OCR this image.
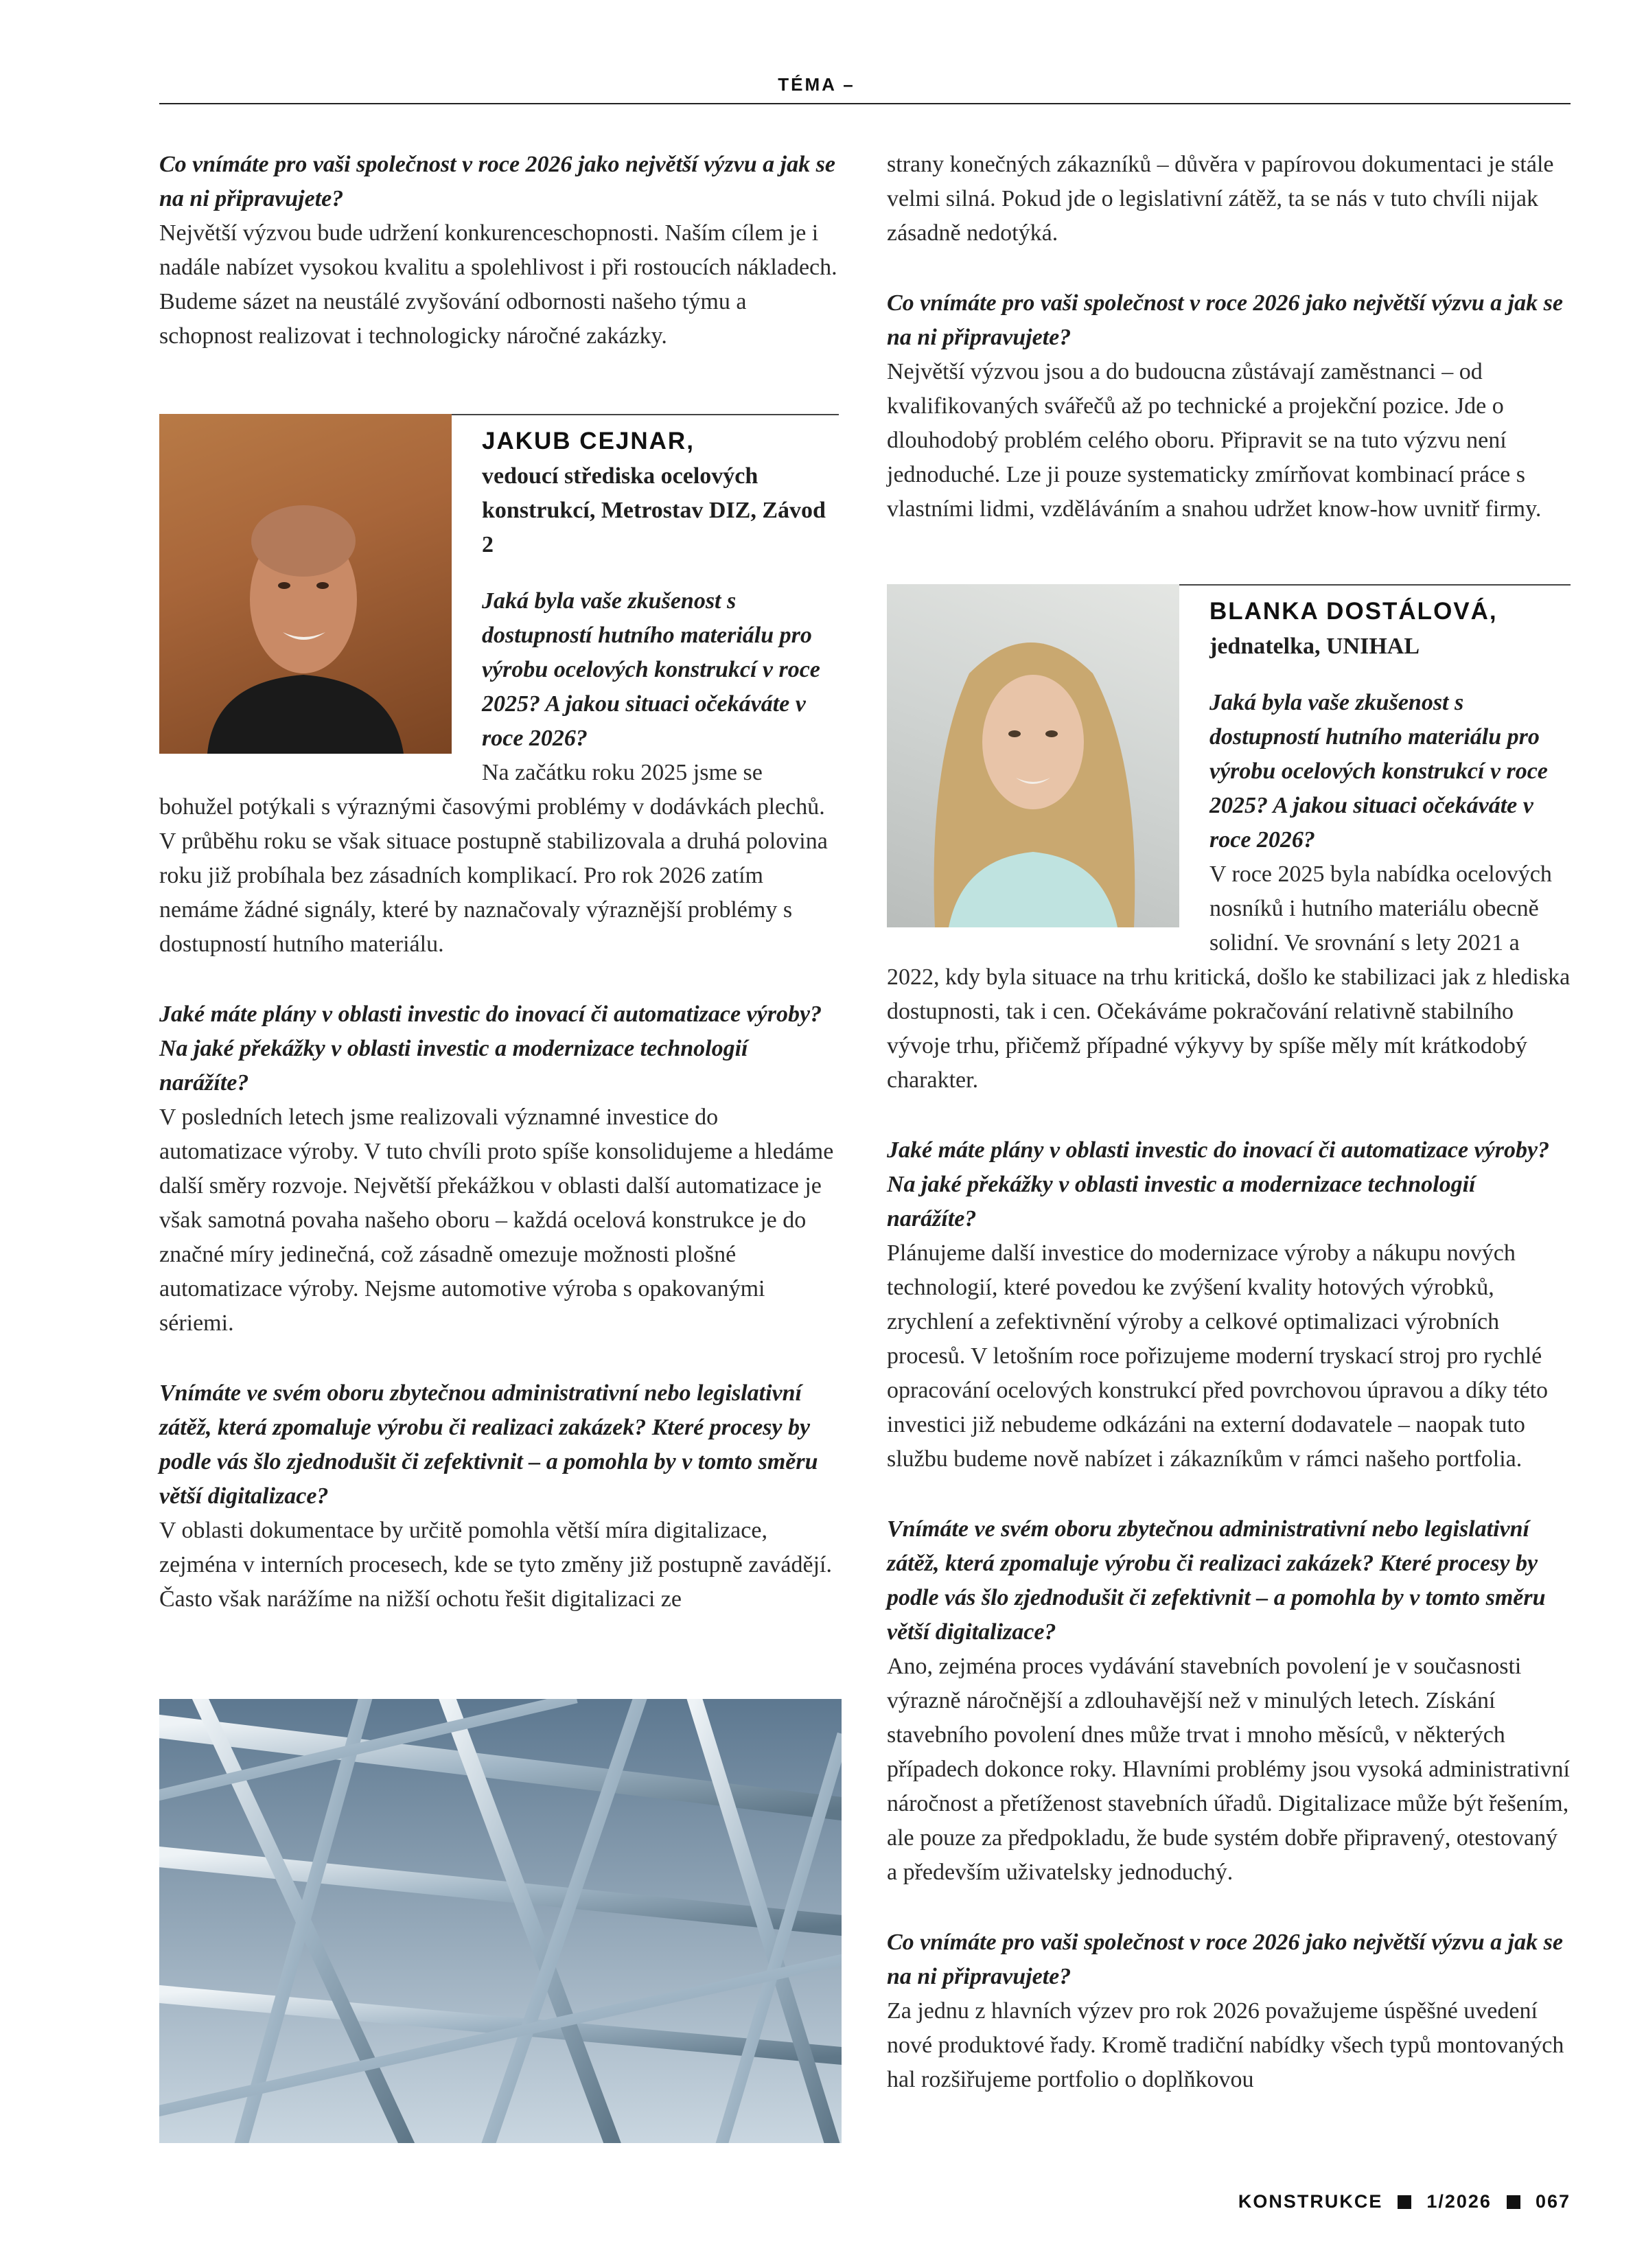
TÉMA –

Co vnímáte pro vaši společnost v roce 2026 jako největší výzvu a jak se na ni připravujete?

Největší výzvou bude udržení konkurenceschopnosti. Naším cílem je i nadále nabízet vysokou kvalitu a spolehlivost i při rostoucích nákladech. Budeme sázet na neustálé zvyšování odbornosti našeho týmu a schopnost realizovat i technologicky náročné zakázky.

JAKUB CEJNAR,
vedoucí střediska ocelových konstrukcí, Metrostav DIZ, Závod 2

Jaká byla vaše zkušenost s dostupností hutního materiálu pro výrobu ocelových konstrukcí v roce 2025? A jakou situaci očekáváte v roce 2026?

Na začátku roku 2025 jsme se bohužel potýkali s výraznými časovými problémy v dodávkách plechů. V průběhu roku se však situace postupně stabilizovala a druhá polovina roku již probíhala bez zásadních komplikací. Pro rok 2026 zatím nemáme žádné signály, které by naznačovaly výraznější problémy s dostupností hutního materiálu.

Jaké máte plány v oblasti investic do inovací či automatizace výroby? Na jaké překážky v oblasti investic a modernizace technologií narážíte?

V posledních letech jsme realizovali významné investice do automatizace výroby. V tuto chvíli proto spíše konsolidujeme a hledáme další směry rozvoje. Největší překážkou v oblasti další automatizace je však samotná povaha našeho oboru – každá ocelová konstrukce je do značné míry jedinečná, což zásadně omezuje možnosti plošné automatizace výroby. Nejsme automotive výroba s opakovanými sériemi.

Vnímáte ve svém oboru zbytečnou administrativní nebo legislativní zátěž, která zpomaluje výrobu či realizaci zakázek? Které procesy by podle vás šlo zjednodušit či zefektivnit – a pomohla by v tomto směru větší digitalizace?

V oblasti dokumentace by určitě pomohla větší míra digitalizace, zejména v interních procesech, kde se tyto změny již postupně zavádějí. Často však narážíme na nižší ochotu řešit digitalizaci ze

strany konečných zákazníků – důvěra v papírovou dokumentaci je stále velmi silná. Pokud jde o legislativní zátěž, ta se nás v tuto chvíli nijak zásadně nedotýká.

Co vnímáte pro vaši společnost v roce 2026 jako největší výzvu a jak se na ni připravujete?

Největší výzvou jsou a do budoucna zůstávají zaměstnanci – od kvalifikovaných svářečů až po technické a projekční pozice. Jde o dlouhodobý problém celého oboru. Připravit se na tuto výzvu není jednoduché. Lze ji pouze systematicky zmírňovat kombinací práce s vlastními lidmi, vzděláváním a snahou udržet know-how uvnitř firmy.

BLANKA DOSTÁLOVÁ,
jednatelka, UNIHAL

Jaká byla vaše zkušenost s dostupností hutního materiálu pro výrobu ocelových konstrukcí v roce 2025? A jakou situaci očekáváte v roce 2026?

V roce 2025 byla nabídka ocelových nosníků i hutního materiálu obecně solidní. Ve srovnání s lety 2021 a 2022, kdy byla situace na trhu kritická, došlo ke stabilizaci jak z hlediska dostupnosti, tak i cen. Očekáváme pokračování relativně stabilního vývoje trhu, přičemž případné výkyvy by spíše měly mít krátkodobý charakter.

Jaké máte plány v oblasti investic do inovací či automatizace výroby? Na jaké překážky v oblasti investic a modernizace technologií narážíte?

Plánujeme další investice do modernizace výroby a nákupu nových technologií, které povedou ke zvýšení kvality hotových výrobků, zrychlení a zefektivnění výroby a celkové optimalizaci výrobních procesů. V letošním roce pořizujeme moderní tryskací stroj pro rychlé opracování ocelových konstrukcí před povrchovou úpravou a díky této investici již nebudeme odkázáni na externí dodavatele – naopak tuto službu budeme nově nabízet i zákazníkům v rámci našeho portfolia.

Vnímáte ve svém oboru zbytečnou administrativní nebo legislativní zátěž, která zpomaluje výrobu či realizaci zakázek? Které procesy by podle vás šlo zjednodušit či zefektivnit – a pomohla by v tomto směru větší digitalizace?

Ano, zejména proces vydávání stavebních povolení je v současnosti výrazně náročnější a zdlouhavější než v minulých letech. Získání stavebního povolení dnes může trvat i mnoho měsíců, v některých případech dokonce roky. Hlavními problémy jsou vysoká administrativní náročnost a přetíženost stavebních úřadů. Digitalizace může být řešením, ale pouze za předpokladu, že bude systém dobře připravený, otestovaný a především uživatelsky jednoduchý.

Co vnímáte pro vaši společnost v roce 2026 jako největší výzvu a jak se na ni připravujete?

Za jednu z hlavních výzev pro rok 2026 považujeme úspěšné uvedení nové produktové řady. Kromě tradiční nabídky všech typů montovaných hal rozšiřujeme portfolio o doplňkovou

KONSTRUKCE 1/2026 067
